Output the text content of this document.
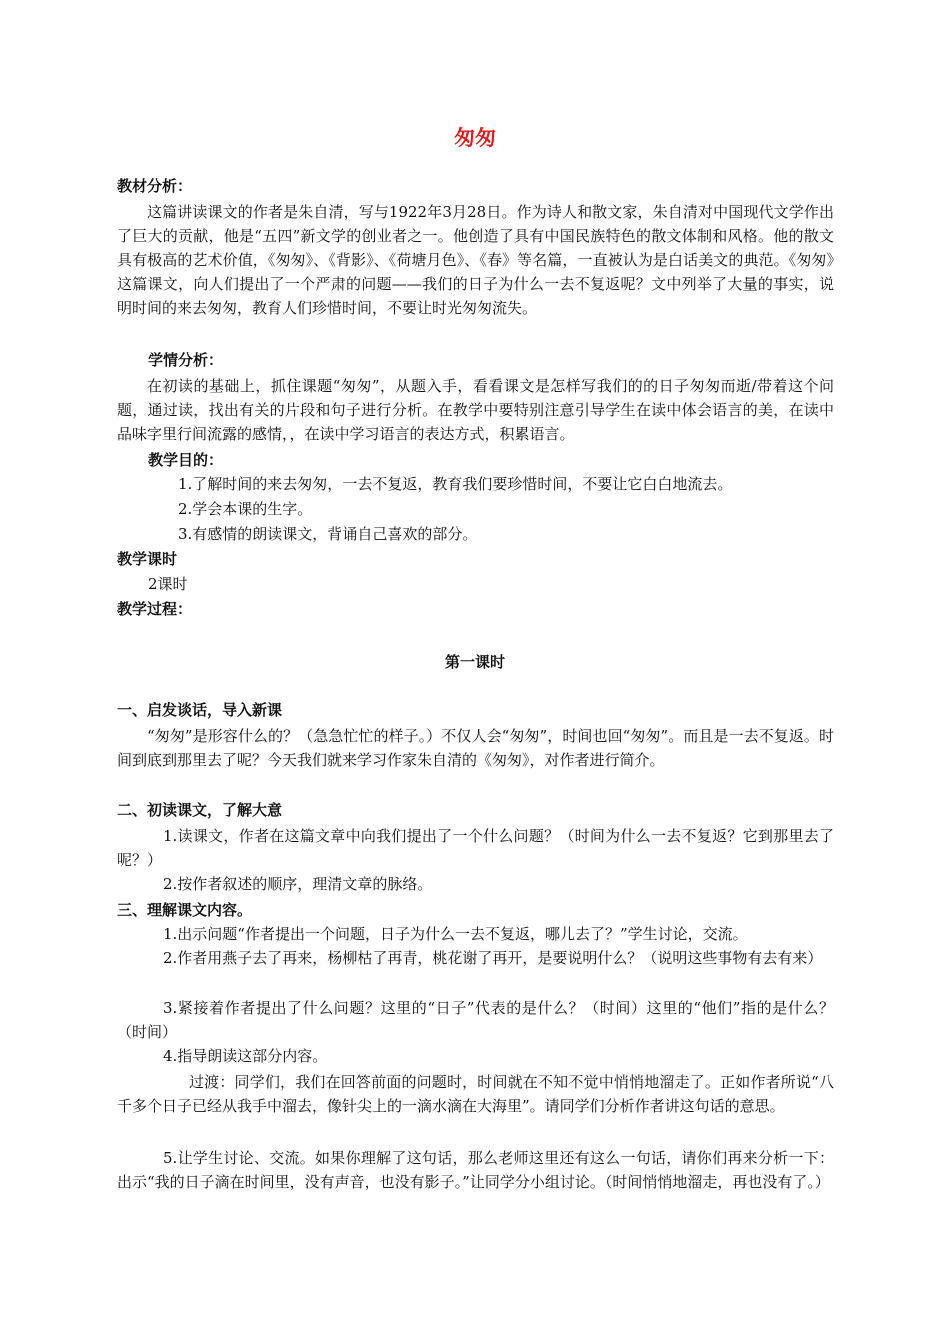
匆匆
教材分析：
这篇讲读课文的作者是朱自清，写与1922年3月28日。作为诗人和散文家，朱自清对中国现代文学作出了巨大的贡献，他是“五四”新文学的创业者之一。他创造了具有中国民族特色的散文体制和风格。他的散文具有极高的艺术价值，《匆匆》、《背影》、《荷塘月色》、《春》等名篇，一直被认为是白话美文的典范。《匆匆》这篇课文，向人们提出了一个严肃的问题——我们的日子为什么一去不复返呢？文中列举了大量的事实，说明时间的来去匆匆，教育人们珍惜时间，不要让时光匆匆流失。
学情分析：
在初读的基础上，抓住课题“匆匆”，从题入手，看看课文是怎样写我们的的日子匆匆而逝/带着这个问题，通过读，找出有关的片段和句子进行分析。在教学中要特别注意引导学生在读中体会语言的美，在读中品味字里行间流露的感情，，在读中学习语言的表达方式，积累语言。
教学目的：
1.了解时间的来去匆匆，一去不复返，教育我们要珍惜时间，不要让它白白地流去。
2.学会本课的生字。
3.有感情的朗读课文，背诵自己喜欢的部分。
教学课时
2课时
教学过程：
第一课时
一、启发谈话，导入新课
“匆匆”是形容什么的？（急急忙忙的样子。）不仅人会“匆匆”，时间也回“匆匆”。而且是一去不复返。时间到底到那里去了呢？今天我们就来学习作家朱自清的《匆匆》，对作者进行简介。
二、初读课文，了解大意
1.读课文，作者在这篇文章中向我们提出了一个什么问题？（时间为什么一去不复返？它到那里去了呢？）
2.按作者叙述的顺序，理清文章的脉络。
三、理解课文内容。
1.出示问题“作者提出一个问题，日子为什么一去不复返，哪儿去了？”学生讨论，交流。
2.作者用燕子去了再来，杨柳枯了再青，桃花谢了再开，是要说明什么？（说明这些事物有去有来）
3.紧接着作者提出了什么问题？这里的“日子”代表的是什么？（时间）这里的“他们”指的是什么？（时间）
4.指导朗读这部分内容。
过渡：同学们，我们在回答前面的问题时，时间就在不知不觉中悄悄地溜走了。正如作者所说“八千多个日子已经从我手中溜去，像针尖上的一滴水滴在大海里”。请同学们分析作者讲这句话的意思。
5.让学生讨论、交流。如果你理解了这句话，那么老师这里还有这么一句话，请你们再来分析一下：出示“我的日子滴在时间里，没有声音，也没有影子。”让同学分小组讨论。（时间悄悄地溜走，再也没有了。）
